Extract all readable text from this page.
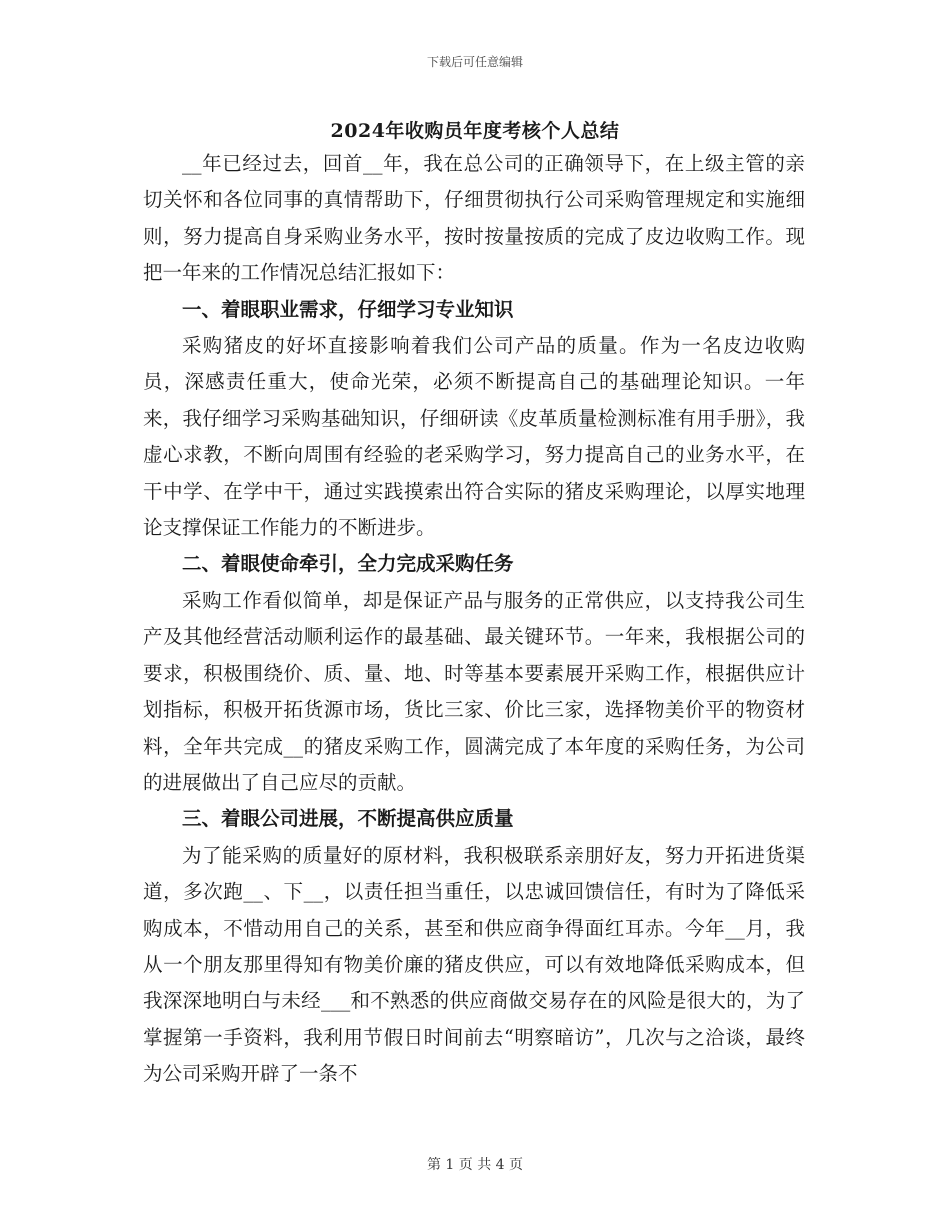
下载后可任意编辑
2024年收购员年度考核个人总结

__年已经过去，回首__年，我在总公司的正确领导下，在上级主管的亲切关怀和各位同事的真情帮助下，仔细贯彻执行公司采购管理规定和实施细则，努力提高自身采购业务水平，按时按量按质的完成了皮边收购工作。现把一年来的工作情况总结汇报如下：

一、着眼职业需求，仔细学习专业知识

采购猪皮的好坏直接影响着我们公司产品的质量。作为一名皮边收购员，深感责任重大，使命光荣，必须不断提高自己的基础理论知识。一年来，我仔细学习采购基础知识，仔细研读《皮革质量检测标准有用手册》，我虚心求教，不断向周围有经验的老采购学习，努力提高自己的业务水平，在干中学、在学中干，通过实践摸索出符合实际的猪皮采购理论，以厚实地理论支撑保证工作能力的不断进步。

二、着眼使命牵引，全力完成采购任务

采购工作看似简单，却是保证产品与服务的正常供应，以支持我公司生产及其他经营活动顺利运作的最基础、最关键环节。一年来，我根据公司的要求，积极围绕价、质、量、地、时等基本要素展开采购工作，根据供应计划指标，积极开拓货源市场，货比三家、价比三家，选择物美价平的物资材料，全年共完成__的猪皮采购工作，圆满完成了本年度的采购任务，为公司的进展做出了自己应尽的贡献。

三、着眼公司进展，不断提高供应质量

为了能采购的质量好的原材料，我积极联系亲朋好友，努力开拓进货渠道，多次跑__、下__，以责任担当重任，以忠诚回馈信任，有时为了降低采购成本，不惜动用自己的关系，甚至和供应商争得面红耳赤。今年__月，我从一个朋友那里得知有物美价廉的猪皮供应，可以有效地降低采购成本，但我深深地明白与未经___和不熟悉的供应商做交易存在的风险是很大的，为了掌握第一手资料，我利用节假日时间前去“明察暗访”，几次与之洽谈，最终为公司采购开辟了一条不

第 1 页 共 4 页
